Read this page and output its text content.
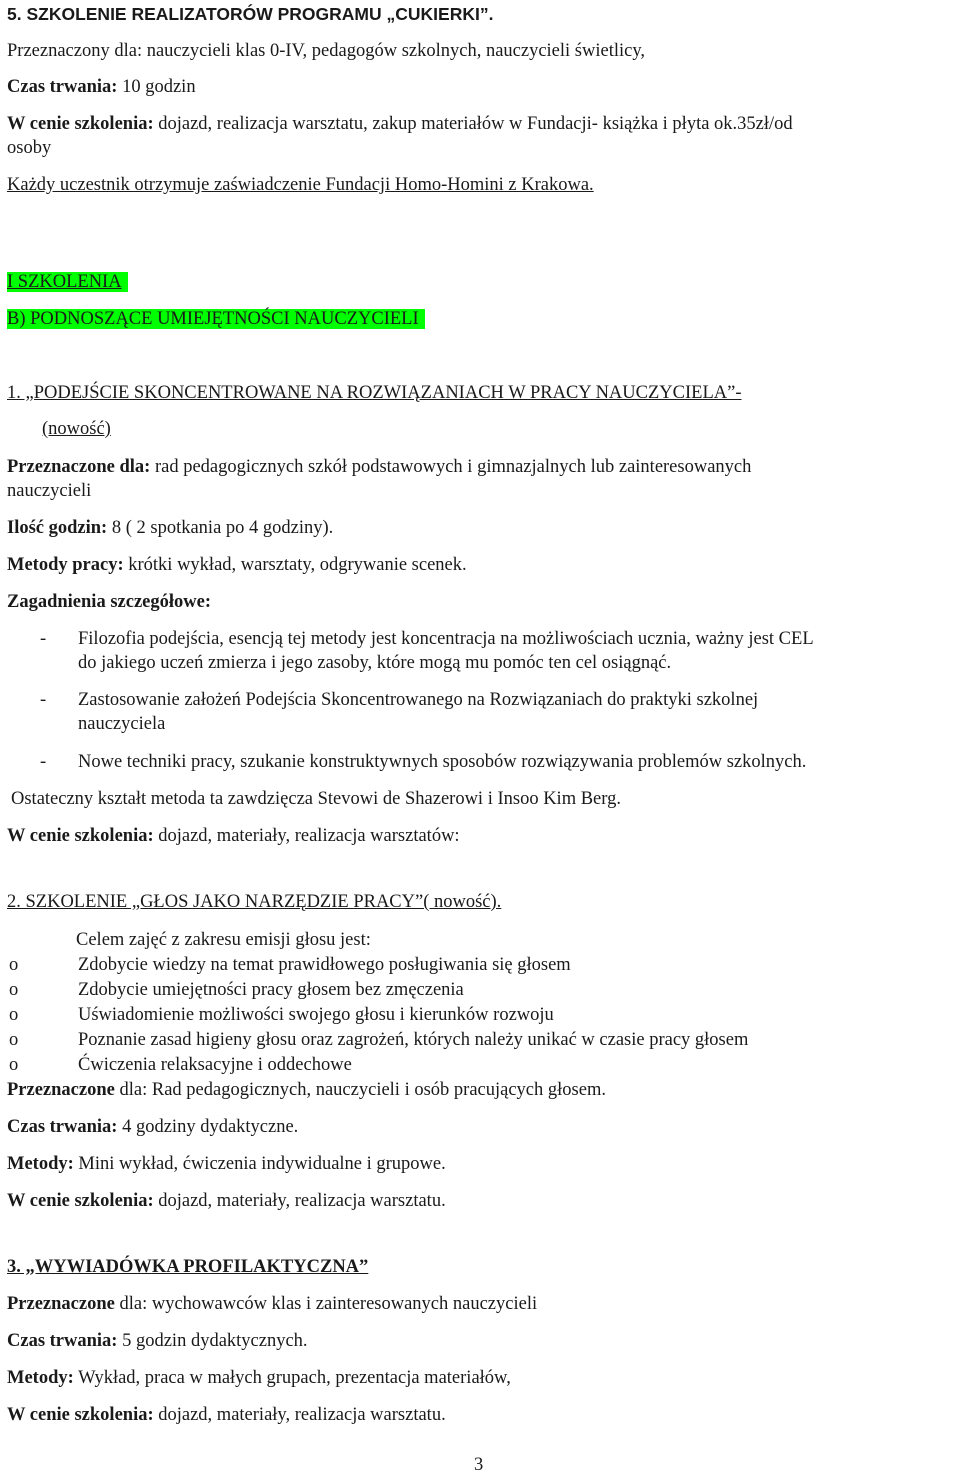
5. SZKOLENIE REALIZATORÓW PROGRAMU „CUKIERKI”.
Przeznaczony dla: nauczycieli klas 0-IV, pedagogów szkolnych, nauczycieli świetlicy,
Czas trwania: 10 godzin
W cenie szkolenia: dojazd, realizacja warsztatu, zakup materiałów w Fundacji- książka i płyta ok.35zł/od
osoby
Każdy uczestnik otrzymuje zaświadczenie Fundacji Homo-Homini z Krakowa.
I SZKOLENIA
B) PODNOSZĄCE UMIEJĘTNOŚCI NAUCZYCIELI
1. „PODEJŚCIE SKONCENTROWANE NA ROZWIĄZANIACH W PRACY NAUCZYCIELA”-
(nowość)
Przeznaczone dla: rad pedagogicznych szkół podstawowych i gimnazjalnych lub zainteresowanych
nauczycieli
Ilość godzin: 8 ( 2 spotkania po 4 godziny).
Metody pracy: krótki wykład, warsztaty, odgrywanie scenek.
Zagadnienia szczegółowe:
- Filozofia podejścia, esencją tej metody jest koncentracja na możliwościach ucznia, ważny jest CEL
do jakiego uczeń zmierza i jego zasoby, które mogą mu pomóc ten cel osiągnąć.
- Zastosowanie założeń Podejścia Skoncentrowanego na Rozwiązaniach do praktyki szkolnej
nauczyciela
- Nowe techniki pracy, szukanie konstruktywnych sposobów rozwiązywania problemów szkolnych.
Ostateczny kształt metoda ta zawdzięcza Stevowi de Shazerowi i Insoo Kim Berg.
W cenie szkolenia: dojazd, materiały, realizacja warsztatów:
2. SZKOLENIE „GŁOS JAKO NARZĘDZIE PRACY”( nowość).
Celem zajęć z zakresu emisji głosu jest:
o	Zdobycie wiedzy na temat prawidłowego posługiwania się głosem
o	Zdobycie umiejętności pracy głosem bez zmęczenia
o	Uświadomienie możliwości swojego głosu i kierunków rozwoju
o	Poznanie zasad higieny głosu oraz zagrożeń, których należy unikać w czasie pracy głosem
o	Ćwiczenia relaksacyjne i oddechowe
Przeznaczone dla: Rad pedagogicznych, nauczycieli i osób pracujących głosem.
Czas trwania: 4 godziny dydaktyczne.
Metody: Mini wykład, ćwiczenia indywidualne i grupowe.
W cenie szkolenia: dojazd, materiały, realizacja warsztatu.
3. „WYWIADÓWKA PROFILAKTYCZNA”
Przeznaczone dla: wychowawców klas i zainteresowanych nauczycieli
Czas trwania: 5 godzin dydaktycznych.
Metody: Wykład, praca w małych grupach, prezentacja materiałów,
W cenie szkolenia: dojazd, materiały, realizacja warsztatu.
3
